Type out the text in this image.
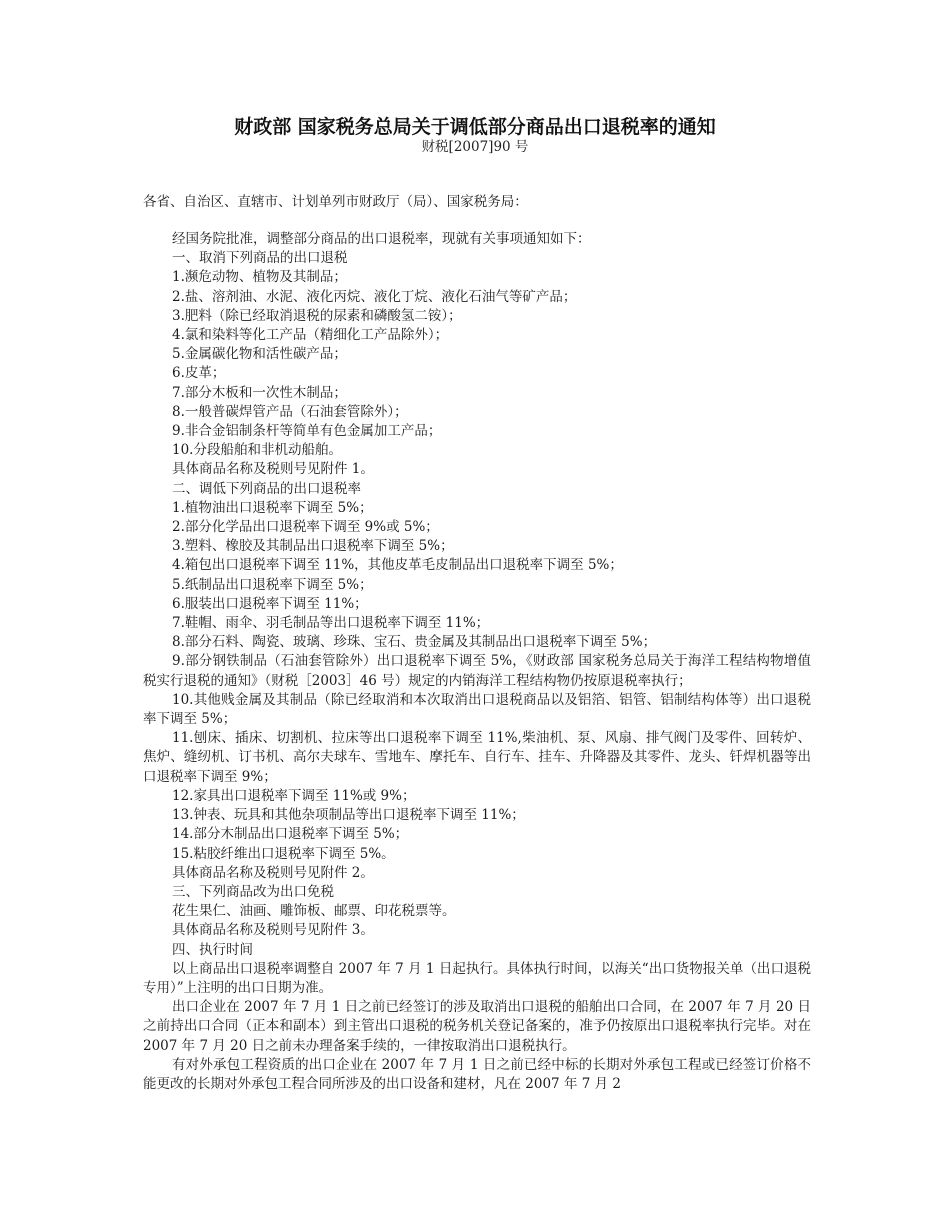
财政部 国家税务总局关于调低部分商品出口退税率的通知
财税[2007]90 号
各省、自治区、直辖市、计划单列市财政厅（局）、国家税务局：

经国务院批准，调整部分商品的出口退税率，现就有关事项通知如下：

一、取消下列商品的出口退税

1.濒危动物、植物及其制品；

2.盐、溶剂油、水泥、液化丙烷、液化丁烷、液化石油气等矿产品；

3.肥料（除已经取消退税的尿素和磷酸氢二铵）；

4.氯和染料等化工产品（精细化工产品除外）；

5.金属碳化物和活性碳产品；

6.皮革；

7.部分木板和一次性木制品；

8.一般普碳焊管产品（石油套管除外）；

9.非合金铝制条杆等简单有色金属加工产品；

10.分段船舶和非机动船舶。

具体商品名称及税则号见附件 1。

二、调低下列商品的出口退税率

1.植物油出口退税率下调至 5%；

2.部分化学品出口退税率下调至 9%或 5%；

3.塑料、橡胶及其制品出口退税率下调至 5%；

4.箱包出口退税率下调至 11%，其他皮革毛皮制品出口退税率下调至 5%；

5.纸制品出口退税率下调至 5%；

6.服装出口退税率下调至 11%；

7.鞋帽、雨伞、羽毛制品等出口退税率下调至 11%；

8.部分石料、陶瓷、玻璃、珍珠、宝石、贵金属及其制品出口退税率下调至 5%；

9.部分钢铁制品（石油套管除外）出口退税率下调至 5%，《财政部 国家税务总局关于海洋工程结构物增值税实行退税的通知》（财税［2003］46 号）规定的内销海洋工程结构物仍按原退税率执行；

10.其他贱金属及其制品（除已经取消和本次取消出口退税商品以及铝箔、铝管、铝制结构体等）出口退税率下调至 5%；

11.刨床、插床、切割机、拉床等出口退税率下调至 11%,柴油机、泵、风扇、排气阀门及零件、回转炉、焦炉、缝纫机、订书机、高尔夫球车、雪地车、摩托车、自行车、挂车、升降器及其零件、龙头、钎焊机器等出口退税率下调至 9%；

12.家具出口退税率下调至 11%或 9%；

13.钟表、玩具和其他杂项制品等出口退税率下调至 11%；

14.部分木制品出口退税率下调至 5%；

15.粘胶纤维出口退税率下调至 5%。

具体商品名称及税则号见附件 2。

三、下列商品改为出口免税

花生果仁、油画、雕饰板、邮票、印花税票等。

具体商品名称及税则号见附件 3。

四、执行时间

以上商品出口退税率调整自 2007 年 7 月 1 日起执行。具体执行时间，以海关“出口货物报关单（出口退税专用）”上注明的出口日期为准。

出口企业在 2007 年 7 月 1 日之前已经签订的涉及取消出口退税的船舶出口合同，在 2007 年 7 月 20 日之前持出口合同（正本和副本）到主管出口退税的税务机关登记备案的，准予仍按原出口退税率执行完毕。对在 2007 年 7 月 20 日之前未办理备案手续的，一律按取消出口退税执行。

有对外承包工程资质的出口企业在 2007 年 7 月 1 日之前已经中标的长期对外承包工程或已经签订价格不能更改的长期对外承包工程合同所涉及的出口设备和建材，凡在 2007 年 7 月 2
